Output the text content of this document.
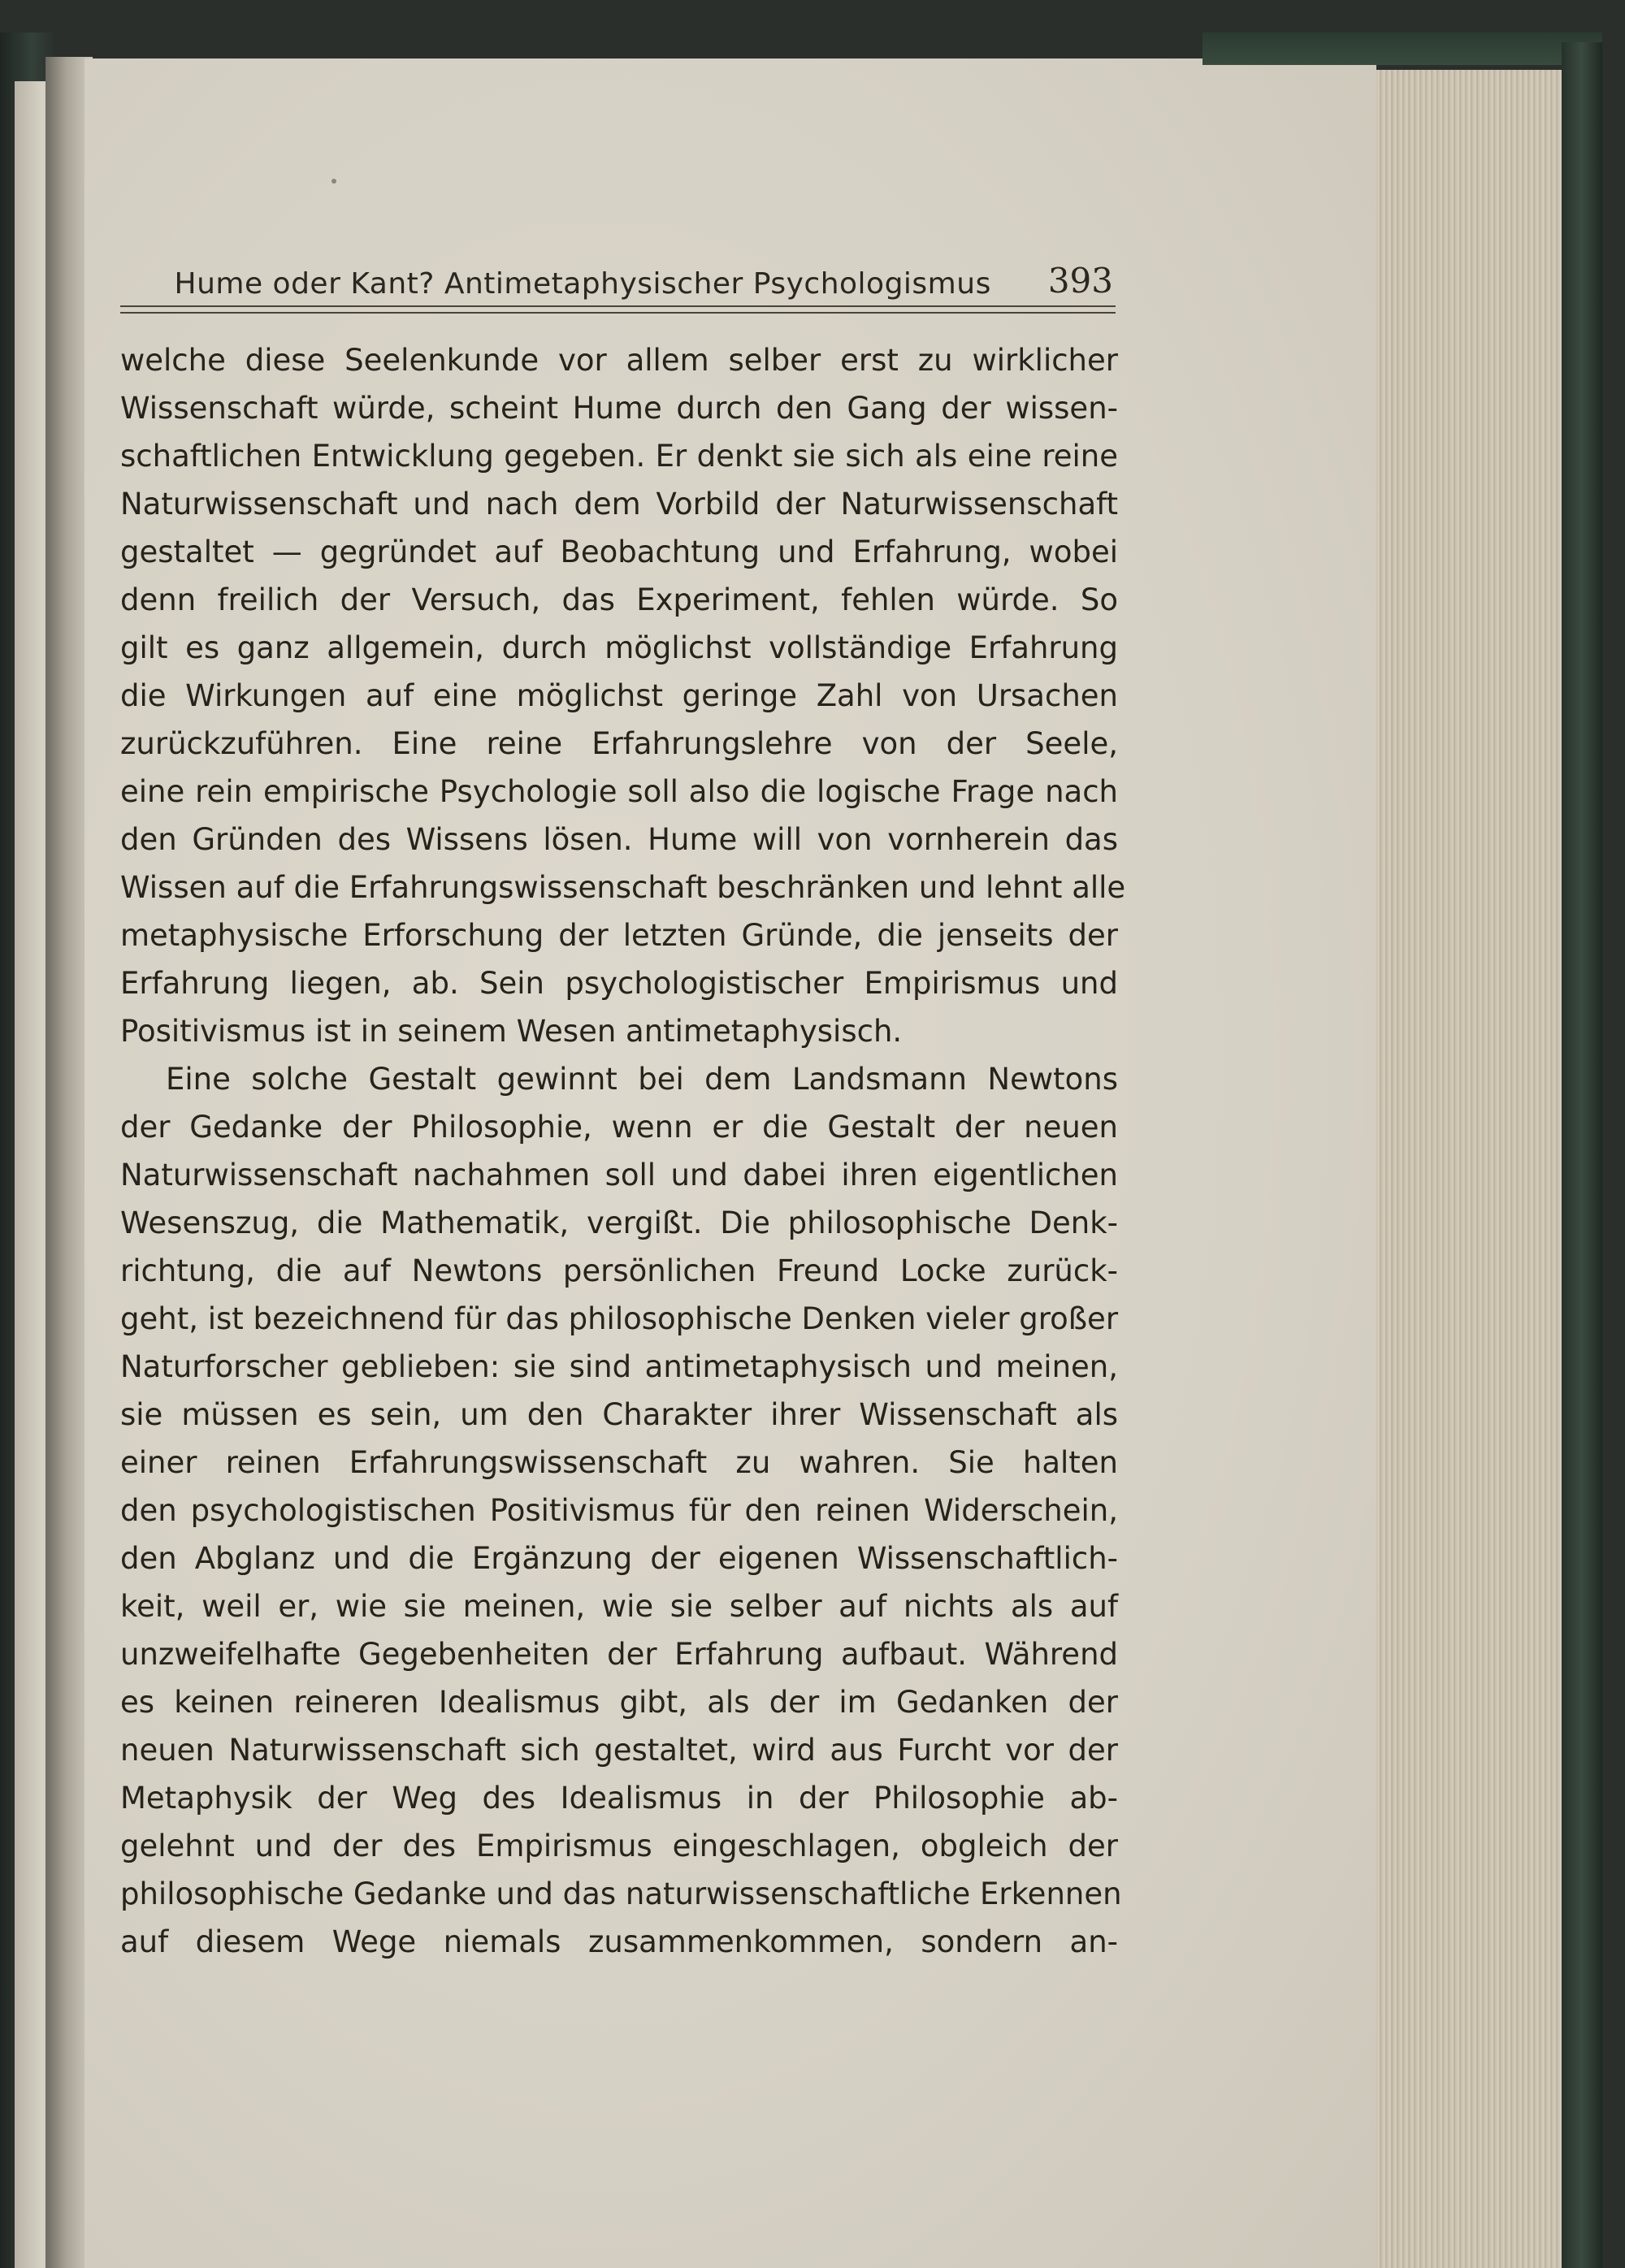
Hume oder Kant? Antimetaphysischer Psychologismus 393
welche diese Seelenkunde vor allem selber erst zu wirklicher
Wissenschaft würde, scheint Hume durch den Gang der wissen-
schaftlichen Entwicklung gegeben. Er denkt sie sich als eine reine
Naturwissenschaft und nach dem Vorbild der Naturwissenschaft
gestaltet — gegründet auf Beobachtung und Erfahrung, wobei
denn freilich der Versuch, das Experiment, fehlen würde. So
gilt es ganz allgemein, durch möglichst vollständige Erfahrung
die Wirkungen auf eine möglichst geringe Zahl von Ursachen
zurückzuführen. Eine reine Erfahrungslehre von der Seele,
eine rein empirische Psychologie soll also die logische Frage nach
den Gründen des Wissens lösen. Hume will von vornherein das
Wissen auf die Erfahrungswissenschaft beschränken und lehnt alle
metaphysische Erforschung der letzten Gründe, die jenseits der
Erfahrung liegen, ab. Sein psychologistischer Empirismus und
Positivismus ist in seinem Wesen antimetaphysisch.
Eine solche Gestalt gewinnt bei dem Landsmann Newtons
der Gedanke der Philosophie, wenn er die Gestalt der neuen
Naturwissenschaft nachahmen soll und dabei ihren eigentlichen
Wesenszug, die Mathematik, vergißt. Die philosophische Denk-
richtung, die auf Newtons persönlichen Freund Locke zurück-
geht, ist bezeichnend für das philosophische Denken vieler großer
Naturforscher geblieben: sie sind antimetaphysisch und meinen,
sie müssen es sein, um den Charakter ihrer Wissenschaft als
einer reinen Erfahrungswissenschaft zu wahren. Sie halten
den psychologistischen Positivismus für den reinen Widerschein,
den Abglanz und die Ergänzung der eigenen Wissenschaftlich-
keit, weil er, wie sie meinen, wie sie selber auf nichts als auf
unzweifelhafte Gegebenheiten der Erfahrung aufbaut. Während
es keinen reineren Idealismus gibt, als der im Gedanken der
neuen Naturwissenschaft sich gestaltet, wird aus Furcht vor der
Metaphysik der Weg des Idealismus in der Philosophie ab-
gelehnt und der des Empirismus eingeschlagen, obgleich der
philosophische Gedanke und das naturwissenschaftliche Erkennen
auf diesem Wege niemals zusammenkommen, sondern an-
